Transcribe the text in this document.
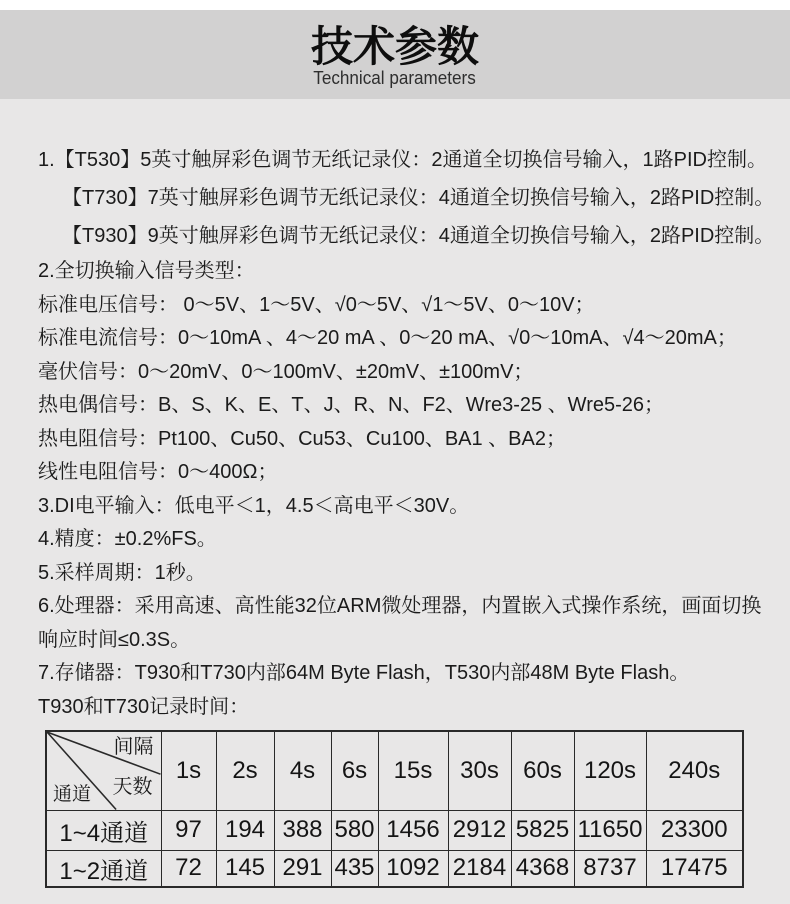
技术参数
Technical parameters
1.【T530】5英寸触屏彩色调节无纸记录仪：2通道全切换信号输入，1路PID控制。
【T730】7英寸触屏彩色调节无纸记录仪：4通道全切换信号输入，2路PID控制。
【T930】9英寸触屏彩色调节无纸记录仪：4通道全切换信号输入，2路PID控制。
2.全切换输入信号类型：
标准电压信号： 0～5V、1～5V、√0～5V、√1～5V、0～10V；
标准电流信号：0～10mA 、4～20 mA 、0～20 mA、√0～10mA、√4～20mA；
毫伏信号：0～20mV、0～100mV、±20mV、±100mV；
热电偶信号：B、S、K、E、T、J、R、N、F2、Wre3-25 、Wre5-26；
热电阻信号：Pt100、Cu50、Cu53、Cu100、BA1 、BA2；
线性电阻信号：0～400Ω；
3.DI电平输入：低电平＜1，4.5＜高电平＜30V。
4.精度：±0.2%FS。
5.采样周期：1秒。
6.处理器：采用高速、高性能32位ARM微处理器，内置嵌入式操作系统，画面切换
响应时间≤0.3S。
7.存储器：T930和T730内部64M Byte Flash，T530内部48M Byte Flash。
T930和T730记录时间：
间隔
天数
通道	1s	2s	4s	6s	15s	30s	60s	120s	240s
1~4通道	97	194	388	580	1456	2912	5825	11650	23300
1~2通道	72	145	291	435	1092	2184	4368	8737	17475
